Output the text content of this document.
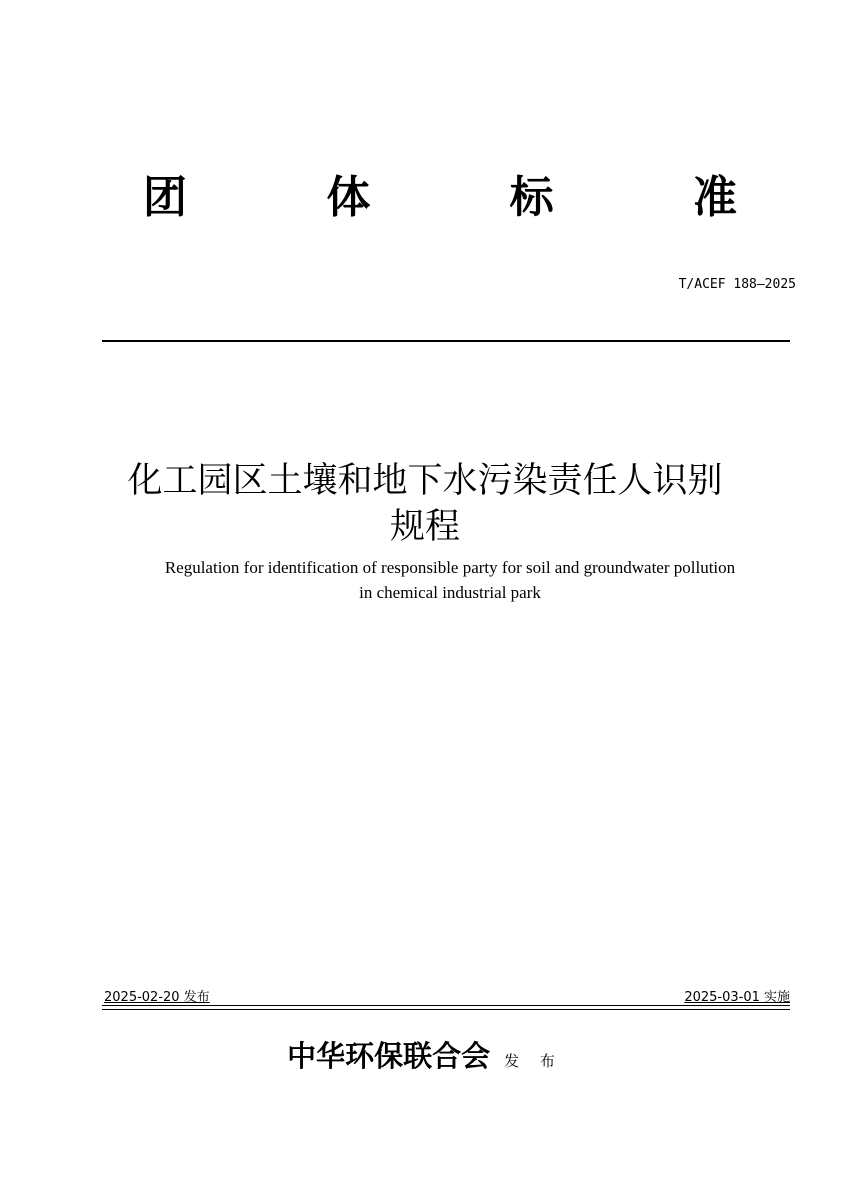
团	体	标	准
T/ACEF 188—2025
化工园区土壤和地下水污染责任人识别
规程
Regulation for identification of responsible party for soil and groundwater pollution
in chemical industrial park
2025-02-20 发布	2025-03-01 实施
中华环保联合会 发 布
